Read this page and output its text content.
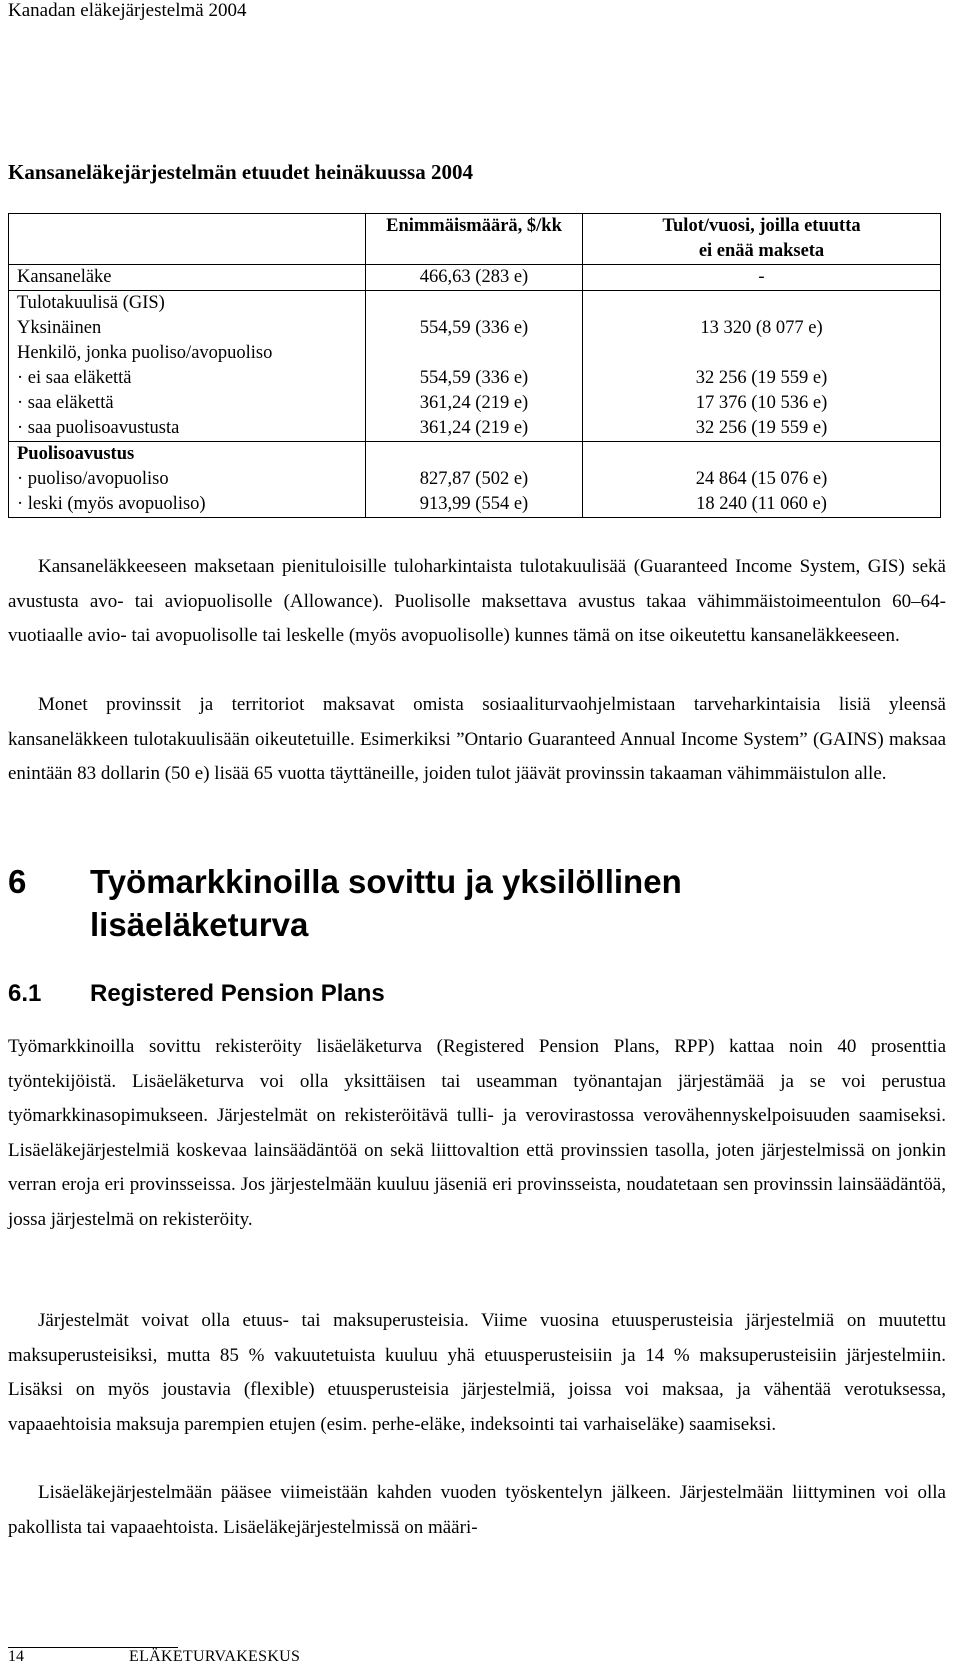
Kanadan eläkejärjestelmä 2004
Kansaneläkejärjestelmän etuudet heinäkuussa 2004
	Enimmäismäärä, $/kk	Tulot/vuosi, joilla etuutta
ei enää makseta

Kansaneläke	466,63 (283 e)	-
Tulotakuulisä (GIS)		
Yksinäinen	554,59 (336 e)	13 320 (8 077 e)
Henkilö, jonka puoliso/avopuoliso		
· ei saa eläkettä	554,59 (336 e)	32 256 (19 559 e)
· saa eläkettä	361,24 (219 e)	17 376 (10 536 e)
· saa puolisoavustusta	361,24 (219 e)	32 256 (19 559 e)
Puolisoavustus		
· puoliso/avopuoliso	827,87 (502 e)	24 864 (15 076 e)
· leski (myös avopuoliso)	913,99 (554 e)	18 240 (11 060 e)
Kansaneläkkeeseen maksetaan pienituloisille tuloharkintaista tulotakuulisää (Guaranteed Income System, GIS) sekä avustusta avo- tai aviopuolisolle (Allowance). Puolisolle maksettava avustus takaa vähimmäistoimeentulon 60–64-vuotiaalle avio- tai avopuolisolle tai leskelle (myös avopuolisolle) kunnes tämä on itse oikeutettu kansaneläkkeeseen.
Monet provinssit ja territoriot maksavat omista sosiaaliturvaohjelmistaan tarveharkintaisia lisiä yleensä kansaneläkkeen tulotakuulisään oikeutetuille. Esimerkiksi ”Ontario Guaranteed Annual Income System” (GAINS) maksaa enintään 83 dollarin (50 e) lisää 65 vuotta täyttäneille, joiden tulot jäävät provinssin takaaman vähimmäistulon alle.
6 Työmarkkinoilla sovittu ja yksilöllinen
lisäeläketurva
6.1 Registered Pension Plans
Työmarkkinoilla sovittu rekisteröity lisäeläketurva (Registered Pension Plans, RPP) kattaa noin 40 prosenttia työntekijöistä. Lisäeläketurva voi olla yksittäisen tai useamman työnantajan järjestämää ja se voi perustua työmarkkinasopimukseen. Järjestelmät on rekisteröitävä tulli- ja verovirastossa verovähennyskelpoisuuden saamiseksi. Lisäeläkejärjestelmiä koskevaa lainsäädäntöä on sekä liittovaltion että provinssien tasolla, joten järjestelmissä on jonkin verran eroja eri provinsseissa. Jos järjestelmään kuuluu jäseniä eri provinsseista, noudatetaan sen provinssin lainsäädäntöä, jossa järjestelmä on rekisteröity.
Järjestelmät voivat olla etuus- tai maksuperusteisia. Viime vuosina etuusperusteisia järjestelmiä on muutettu maksuperusteisiksi, mutta 85 % vakuutetuista kuuluu yhä etuusperusteisiin ja 14 % maksuperusteisiin järjestelmiin. Lisäksi on myös joustavia (flexible) etuusperusteisia järjestelmiä, joissa voi maksaa, ja vähentää verotuksessa, vapaaehtoisia maksuja parempien etujen (esim. perhe-eläke, indeksointi tai varhaiseläke) saamiseksi.
Lisäeläkejärjestelmään pääsee viimeistään kahden vuoden työskentelyn jälkeen. Järjestelmään liittyminen voi olla pakollista tai vapaaehtoista. Lisäeläkejärjestelmissä on määri-
14	ELÄKETURVAKESKUS
